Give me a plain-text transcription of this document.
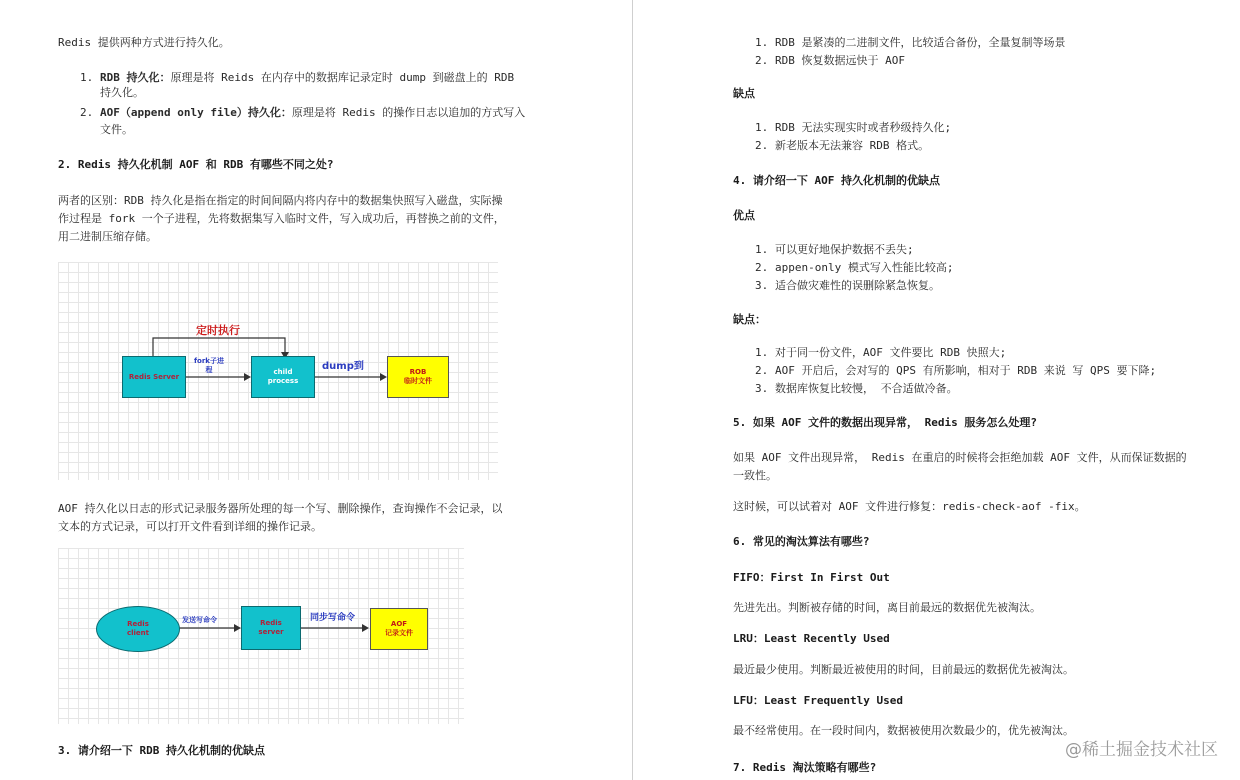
Redis 提供两种方式进行持久化。
1. RDB 持久化：原理是将 Reids 在内存中的数据库记录定时 dump 到磁盘上的 RDB
持久化。
2. AOF（append only file）持久化：原理是将 Redis 的操作日志以追加的方式写入
文件。
2. Redis 持久化机制 AOF 和 RDB 有哪些不同之处?
两者的区别：RDB 持久化是指在指定的时间间隔内将内存中的数据集快照写入磁盘，实际操
作过程是 fork 一个子进程，先将数据集写入临时文件，写入成功后，再替换之前的文件，
用二进制压缩存储。
定时执行
Redis Server
fork子进
程	child
process
dump到	ROB
临时文件
AOF 持久化以日志的形式记录服务器所处理的每一个写、删除操作，查询操作不会记录，以
文本的方式记录，可以打开文件看到详细的操作记录。
Redis
client
发送写命令	Redis
server
同步写命令
AOF
记录文件
3. 请介绍一下 RDB 持久化机制的优缺点
1. RDB 是紧凑的二进制文件，比较适合备份，全量复制等场景
2. RDB 恢复数据远快于 AOF
缺点
1. RDB 无法实现实时或者秒级持久化;
2. 新老版本无法兼容 RDB 格式。
4. 请介绍一下 AOF 持久化机制的优缺点
优点
1. 可以更好地保护数据不丢失;
2. appen-only 模式写入性能比较高;
3. 适合做灾难性的误删除紧急恢复。
缺点：
1. 对于同一份文件，AOF 文件要比 RDB 快照大;
2. AOF 开启后，会对写的 QPS 有所影响，相对于 RDB 来说 写 QPS 要下降;
3. 数据库恢复比较慢， 不合适做冷备。
5. 如果 AOF 文件的数据出现异常， Redis 服务怎么处理?
如果 AOF 文件出现异常， Redis 在重启的时候将会拒绝加载 AOF 文件，从而保证数据的
一致性。
这时候，可以试着对 AOF 文件进行修复：redis-check-aof -fix。
6. 常见的淘汰算法有哪些?
FIFO：First In First Out
先进先出。判断被存储的时间，离目前最远的数据优先被淘汰。
LRU：Least Recently Used
最近最少使用。判断最近被使用的时间，目前最远的数据优先被淘汰。
LFU：Least Frequently Used
最不经常使用。在一段时间内，数据被使用次数最少的，优先被淘汰。
7. Redis 淘汰策略有哪些?
@稀土掘金技术社区
